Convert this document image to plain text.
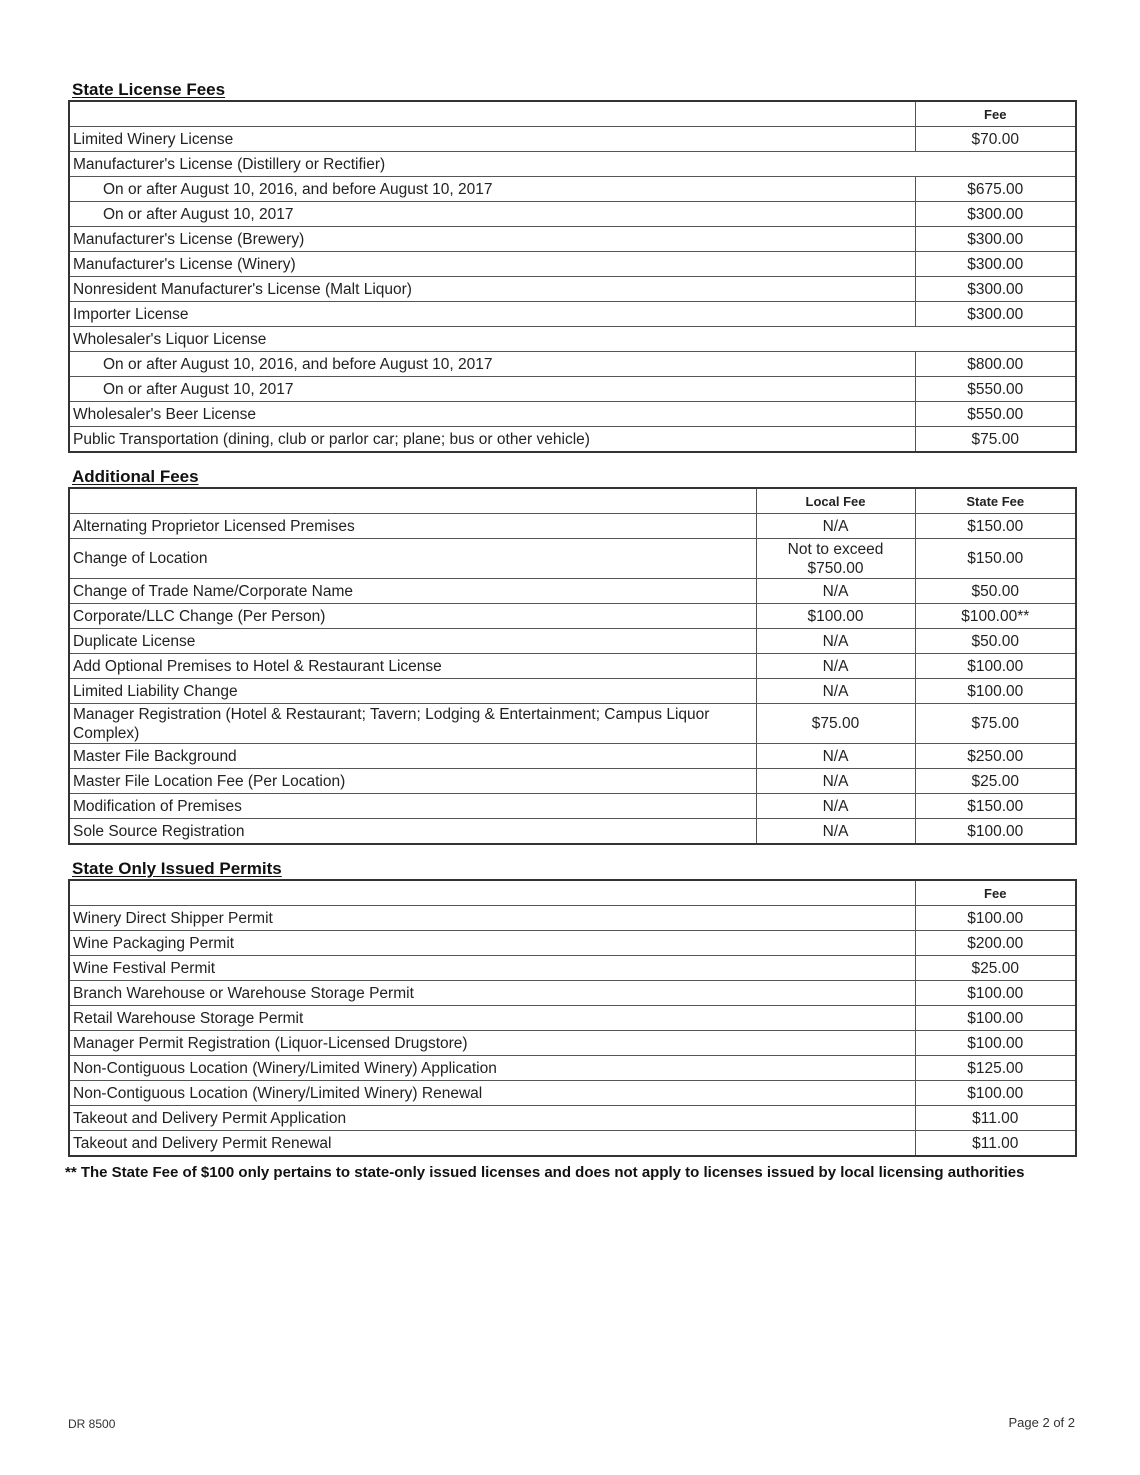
State License Fees
	Fee
Limited Winery License	$70.00
Manufacturer's License (Distillery or Rectifier)	
On or after August 10, 2016, and before August 10, 2017	$675.00
On or after August 10, 2017	$300.00
Manufacturer's License (Brewery)	$300.00
Manufacturer's License (Winery)	$300.00
Nonresident Manufacturer's License (Malt Liquor)	$300.00
Importer License	$300.00
Wholesaler's Liquor License	
On or after August 10, 2016, and before August 10, 2017	$800.00
On or after August 10, 2017	$550.00
Wholesaler's Beer License	$550.00
Public Transportation (dining, club or parlor car; plane; bus or other vehicle)	$75.00
Additional Fees
	Local Fee	State Fee
Alternating Proprietor Licensed Premises	N/A	$150.00
Change of Location	Not to exceed $750.00	$150.00
Change of Trade Name/Corporate Name	N/A	$50.00
Corporate/LLC Change (Per Person)	$100.00	$100.00**
Duplicate License	N/A	$50.00
Add Optional Premises to Hotel & Restaurant License	N/A	$100.00
Limited Liability Change	N/A	$100.00
Manager Registration (Hotel & Restaurant; Tavern; Lodging & Entertainment; Campus Liquor Complex)	$75.00	$75.00
Master File Background	N/A	$250.00
Master File Location Fee (Per Location)	N/A	$25.00
Modification of Premises	N/A	$150.00
Sole Source Registration	N/A	$100.00
State Only Issued Permits
	Fee
Winery Direct Shipper Permit	$100.00
Wine Packaging Permit	$200.00
Wine Festival Permit	$25.00
Branch Warehouse or Warehouse Storage Permit	$100.00
Retail Warehouse Storage Permit	$100.00
Manager Permit Registration (Liquor-Licensed Drugstore)	$100.00
Non-Contiguous Location (Winery/Limited Winery) Application	$125.00
Non-Contiguous Location (Winery/Limited Winery) Renewal	$100.00
Takeout and Delivery Permit Application	$11.00
Takeout and Delivery Permit Renewal	$11.00
** The State Fee of $100 only pertains to state-only issued licenses and does not apply to licenses issued by local licensing authorities
DR 8500	Page 2 of 2
